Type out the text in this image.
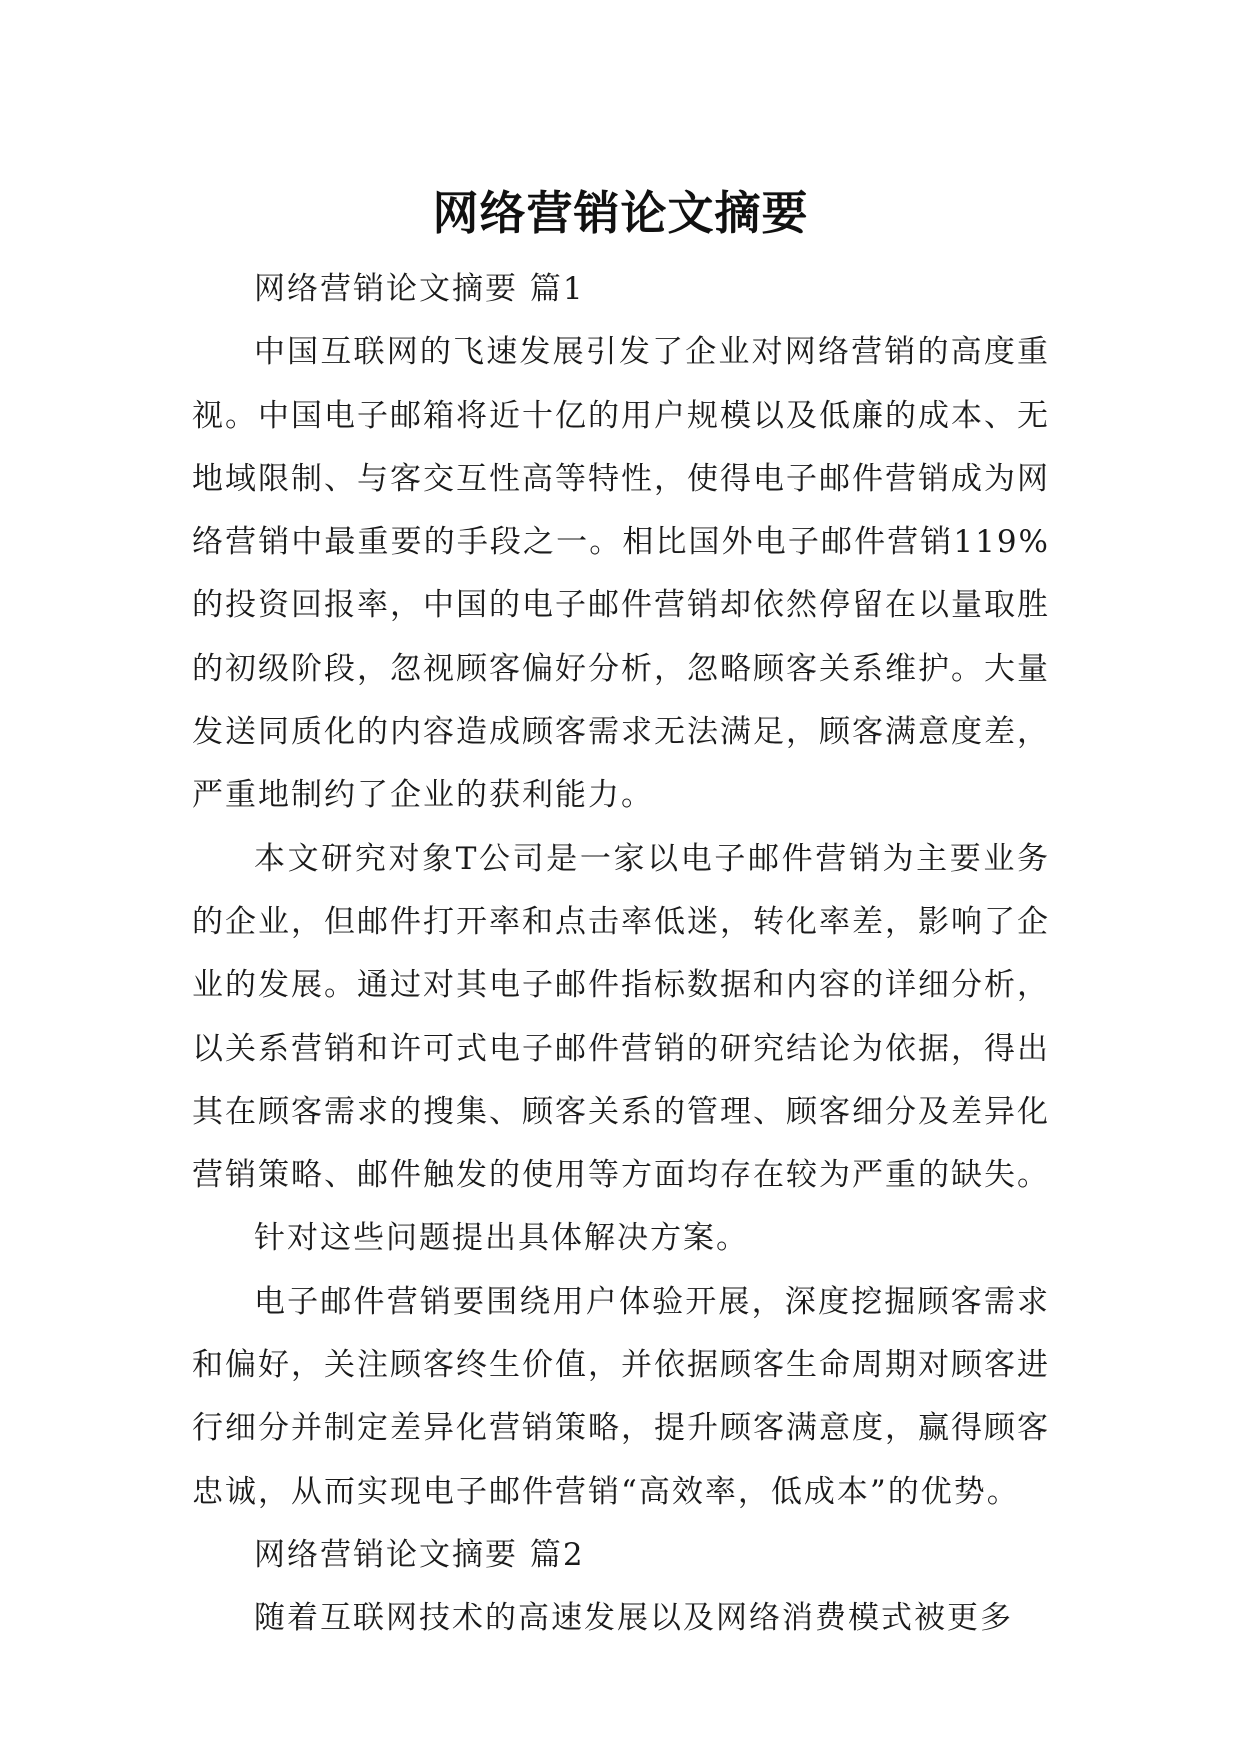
网络营销论文摘要

网络营销论文摘要 篇1

中国互联网的飞速发展引发了企业对网络营销的高度重视。中国电子邮箱将近十亿的用户规模以及低廉的成本、无地域限制、与客交互性高等特性，使得电子邮件营销成为网络营销中最重要的手段之一。相比国外电子邮件营销119%的投资回报率，中国的电子邮件营销却依然停留在以量取胜的初级阶段，忽视顾客偏好分析，忽略顾客关系维护。大量发送同质化的内容造成顾客需求无法满足，顾客满意度差，严重地制约了企业的获利能力。

本文研究对象T公司是一家以电子邮件营销为主要业务的企业，但邮件打开率和点击率低迷，转化率差，影响了企业的发展。通过对其电子邮件指标数据和内容的详细分析，以关系营销和许可式电子邮件营销的研究结论为依据，得出其在顾客需求的搜集、顾客关系的管理、顾客细分及差异化营销策略、邮件触发的使用等方面均存在较为严重的缺失。

针对这些问题提出具体解决方案。

电子邮件营销要围绕用户体验开展，深度挖掘顾客需求和偏好，关注顾客终生价值，并依据顾客生命周期对顾客进行细分并制定差异化营销策略，提升顾客满意度，赢得顾客忠诚，从而实现电子邮件营销“高效率，低成本”的优势。

网络营销论文摘要 篇2

随着互联网技术的高速发展以及网络消费模式被更多
